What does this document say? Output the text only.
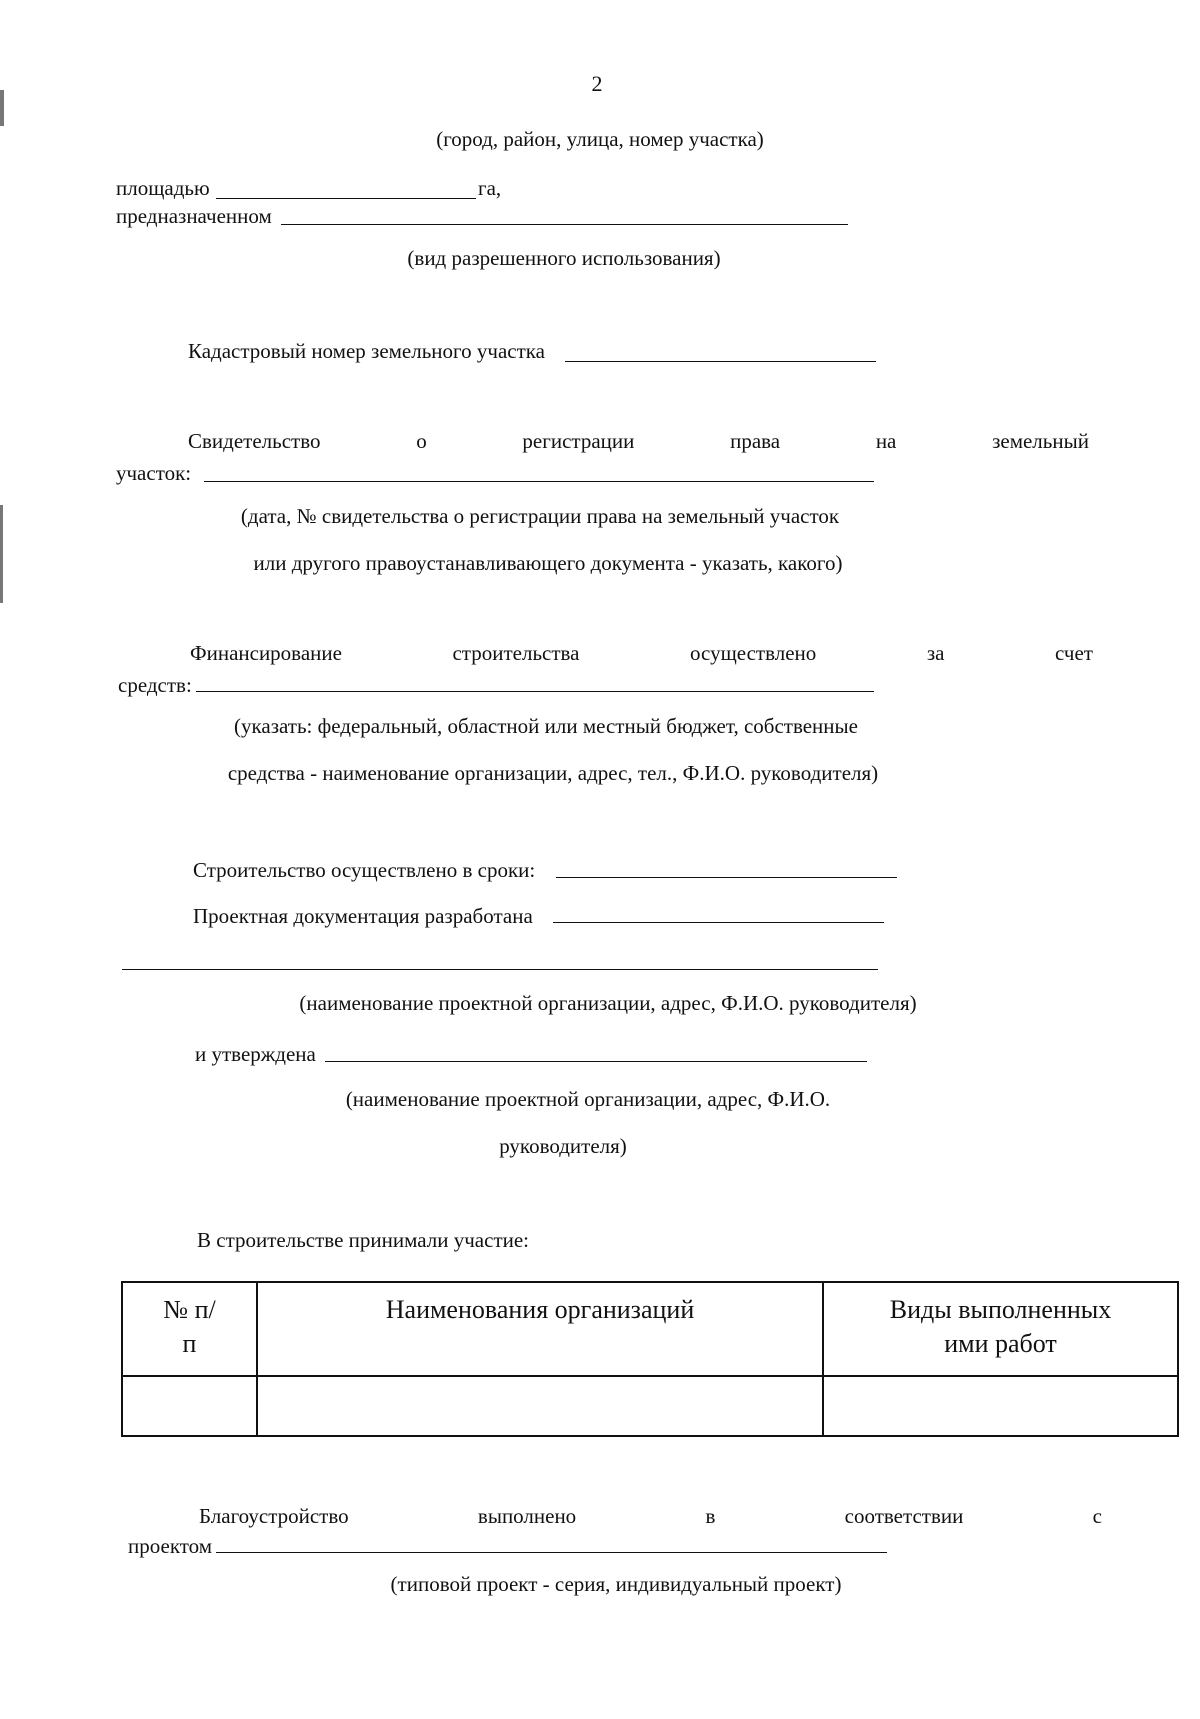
2
(город, район, улица, номер участка)
площадью	га,
предназначенном
(вид разрешенного использования)
Кадастровый номер земельного участка
Свидетельство	о	регистрации	права	на	земельный
участок:
(дата, № свидетельства о регистрации права на земельный участок
или другого правоустанавливающего документа - указать, какого)
Финансирование	строительства	осуществлено	за	счет
средств:
(указать: федеральный, областной или местный бюджет, собственные
средства - наименование организации, адрес, тел., Ф.И.О. руководителя)
Строительство осуществлено в сроки:
Проектная документация разработана
(наименование проектной организации, адрес, Ф.И.О. руководителя)
и утверждена
(наименование проектной организации, адрес, Ф.И.О.
руководителя)
В строительстве принимали участие:
№ п/п	Наименования организаций	Виды выполненных ими работ

Благоустройство	выполнено	в	соответствии	с
проектом
(типовой проект - серия, индивидуальный проект)
